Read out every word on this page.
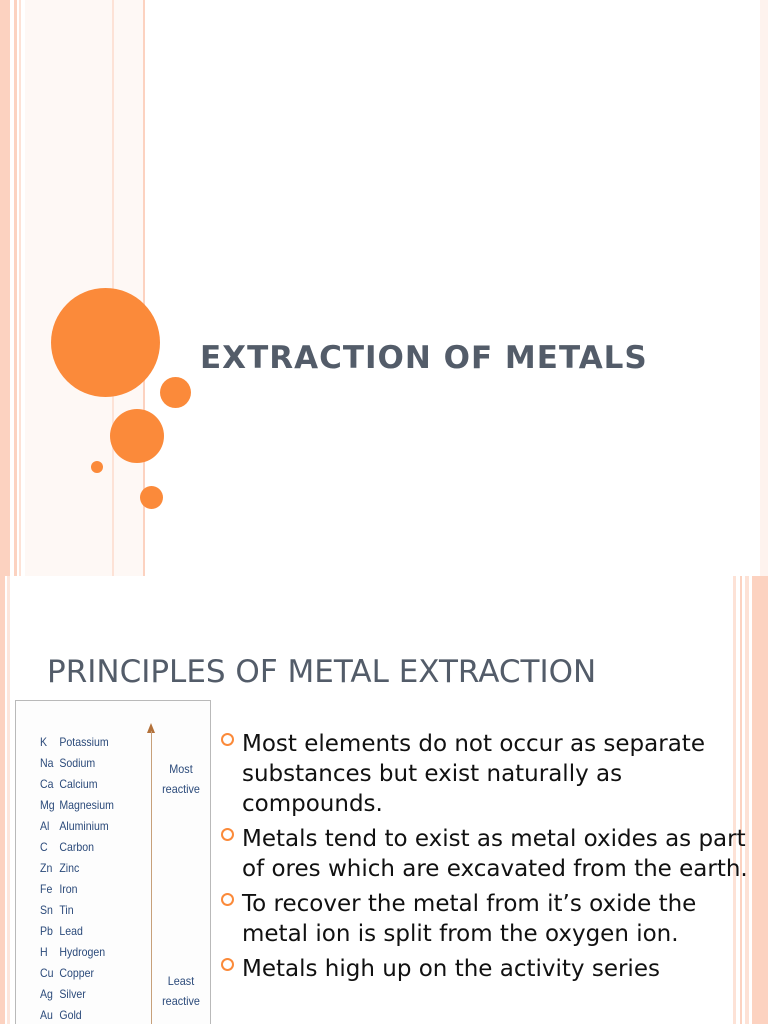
EXTRACTION OF METALS
PRINCIPLES OF METAL EXTRACTION
K Potassium
Na Sodium
Ca Calcium
Mg Magnesium
Al Aluminium
C Carbon
Zn Zinc
Fe Iron
Sn Tin
Pb Lead
H Hydrogen
Cu Copper
Ag Silver
Au Gold
Most
reactive
Least
reactive
Most elements do not occur as separate substances but exist naturally as compounds.
Metals tend to exist as metal oxides as part of ores which are excavated from the earth.
To recover the metal from it’s oxide the metal ion is split from the oxygen ion.
Metals high up on the activity series
